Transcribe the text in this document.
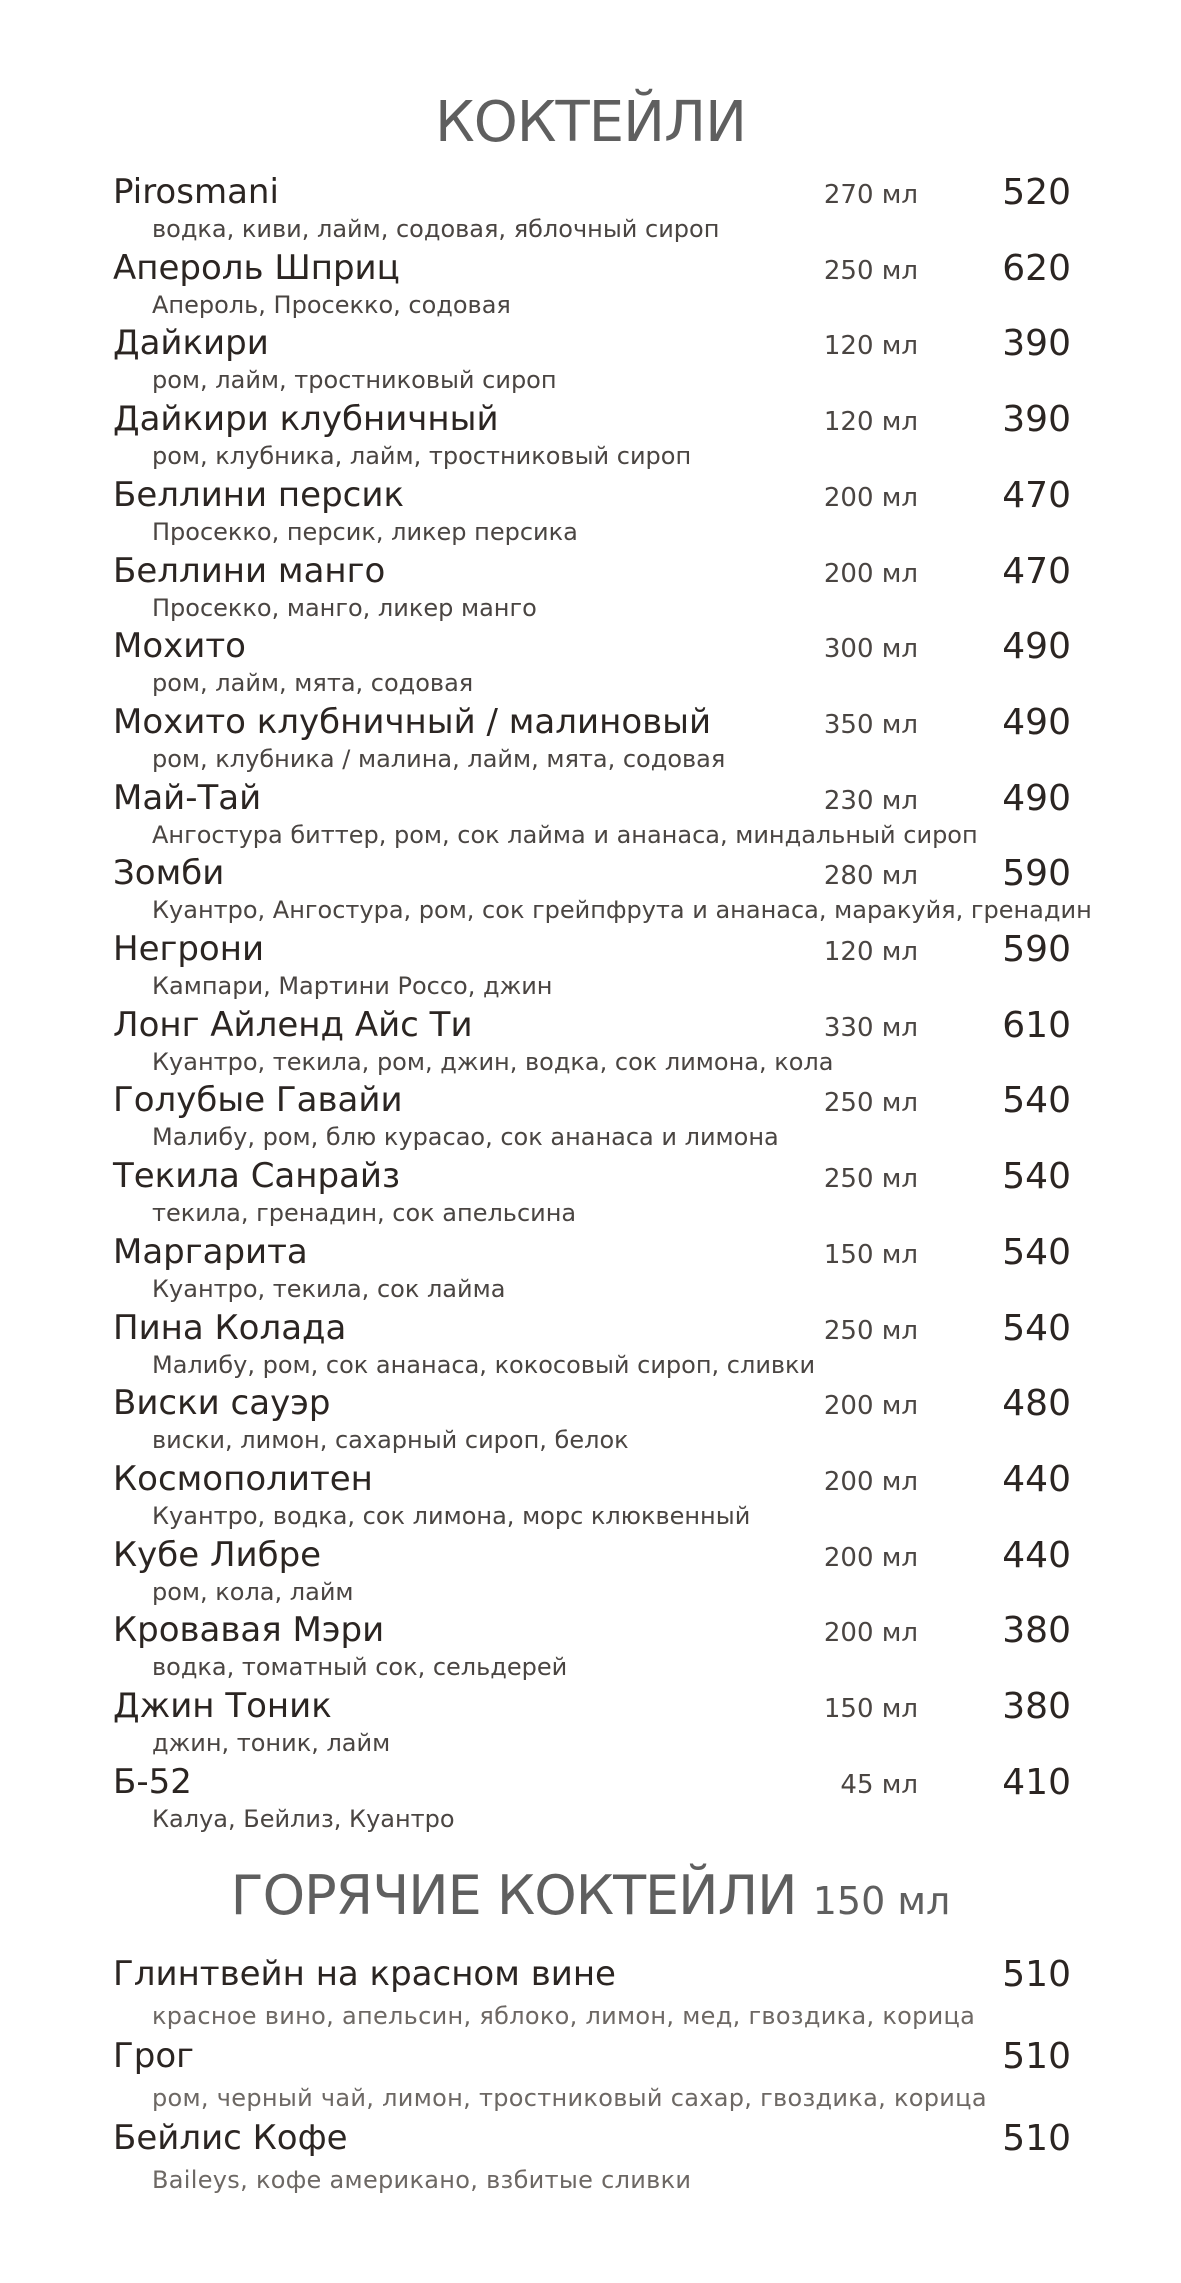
КОКТЕЙЛИ
Pirosmani
водка, киви, лайм, содовая, яблочный сироп
270 мл 520
Апероль Шприц
Апероль, Просекко, содовая
250 мл 620
Дайкири
ром, лайм, тростниковый сироп
120 мл 390
Дайкири клубничный
ром, клубника, лайм, тростниковый сироп
120 мл 390
Беллини персик
Просекко, персик, ликер персика
200 мл 470
Беллини манго
Просекко, манго, ликер манго
200 мл 470
Мохито
ром, лайм, мята, содовая
300 мл 490
Мохито клубничный / малиновый
ром, клубника / малина, лайм, мята, содовая
350 мл 490
Май-Тай
Ангостура биттер, ром, сок лайма и ананаса, миндальный сироп
230 мл 490
Зомби
Куантро, Ангостура, ром, сок грейпфрута и ананаса, маракуйя, гренадин
280 мл 590
Негрони
Кампари, Мартини Россо, джин
120 мл 590
Лонг Айленд Айс Ти
Куантро, текила, ром, джин, водка, сок лимона, кола
330 мл 610
Голубые Гавайи
Малибу, ром, блю курасао, сок ананаса и лимона
250 мл 540
Текила Санрайз
текила, гренадин, сок апельсина
250 мл 540
Маргарита
Куантро, текила, сок лайма
150 мл 540
Пина Колада
Малибу, ром, сок ананаса, кокосовый сироп, сливки
250 мл 540
Виски сауэр
виски, лимон, сахарный сироп, белок
200 мл 480
Космополитен
Куантро, водка, сок лимона, морс клюквенный
200 мл 440
Кубе Либре
ром, кола, лайм
200 мл 440
Кровавая Мэри
водка, томатный сок, сельдерей
200 мл 380
Джин Тоник
джин, тоник, лайм
150 мл 380
Б-52
Калуа, Бейлиз, Куантро
45 мл 410
ГОРЯЧИЕ КОКТЕЙЛИ 150 мл
Глинтвейн на красном вине
красное вино, апельсин, яблоко, лимон, мед, гвоздика, корица
510
Грог
ром, черный чай, лимон, тростниковый сахар, гвоздика, корица
510
Бейлис Кофе
Baileys, кофе американо, взбитые сливки
510
